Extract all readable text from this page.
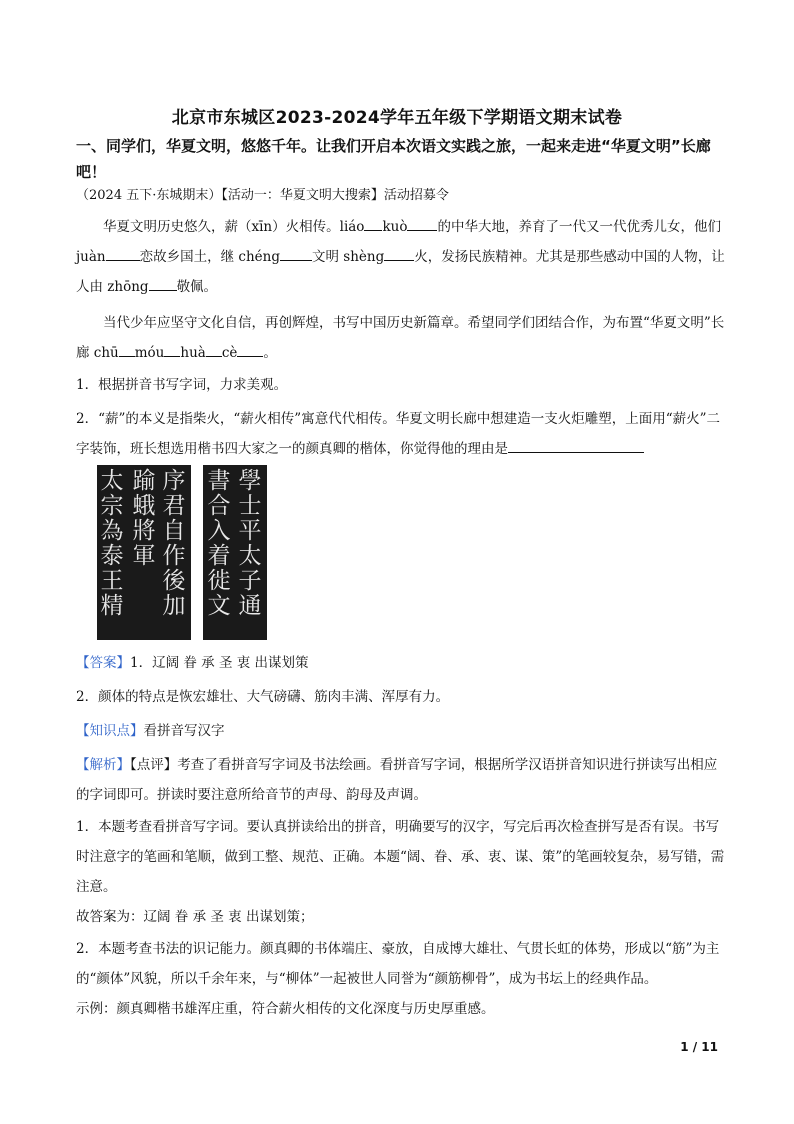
北京市东城区2023-2024学年五年级下学期语文期末试卷
一、同学们，华夏文明，悠悠千年。让我们开启本次语文实践之旅，一起来走进“华夏文明”长廊吧！
（2024 五下·东城期末）【活动一：华夏文明大搜索】活动招募令
华夏文明历史悠久，薪（xīn）火相传。liáo kuò 的中华大地，养育了一代又一代优秀儿女，他们 juàn	恋故乡国土，继 chéng 文明 shèng 火，发扬民族精神。尤其是那些感动中国的人物，让人由 zhōng 敬佩。
当代少年应坚守文化自信，再创辉煌，书写中国历史新篇章。希望同学们团结合作，为布置“华夏文明”长廊 chū móu huà cè 。
1．根据拼音书写字词，力求美观。
2．“薪”的本义是指柴火，“薪火相传”寓意代代相传。华夏文明长廊中想建造一支火炬雕塑，上面用“薪火”二字装饰，班长想选用楷书四大家之一的颜真卿的楷体，你觉得他的理由是
太宗為泰王精
踰蛾將軍
序君自作後加
書合入着徙文
學士平太子通
【答案】1．辽阔 眷 承 圣 衷 出谋划策
2．颜体的特点是恢宏雄壮、大气磅礴、筋肉丰满、浑厚有力。
【知识点】看拼音写汉字
【解析】【点评】考查了看拼音写字词及书法绘画。看拼音写字词，根据所学汉语拼音知识进行拼读写出相应的字词即可。拼读时要注意所给音节的声母、韵母及声调。
1．本题考查看拼音写字词。要认真拼读给出的拼音，明确要写的汉字，写完后再次检查拼写是否有误。书写时注意字的笔画和笔顺，做到工整、规范、正确。本题“阔、眷、承、衷、谋、策”的笔画较复杂，易写错，需注意。
故答案为：辽阔 眷 承 圣 衷 出谋划策；
2．本题考查书法的识记能力。颜真卿的书体端庄、豪放，自成博大雄壮、气贯长虹的体势，形成以“筋”为主的“颜体”风貌，所以千余年来，与“柳体”一起被世人同誉为“颜筋柳骨”，成为书坛上的经典作品。
示例：颜真卿楷书雄浑庄重，符合薪火相传的文化深度与历史厚重感。
1 / 11
